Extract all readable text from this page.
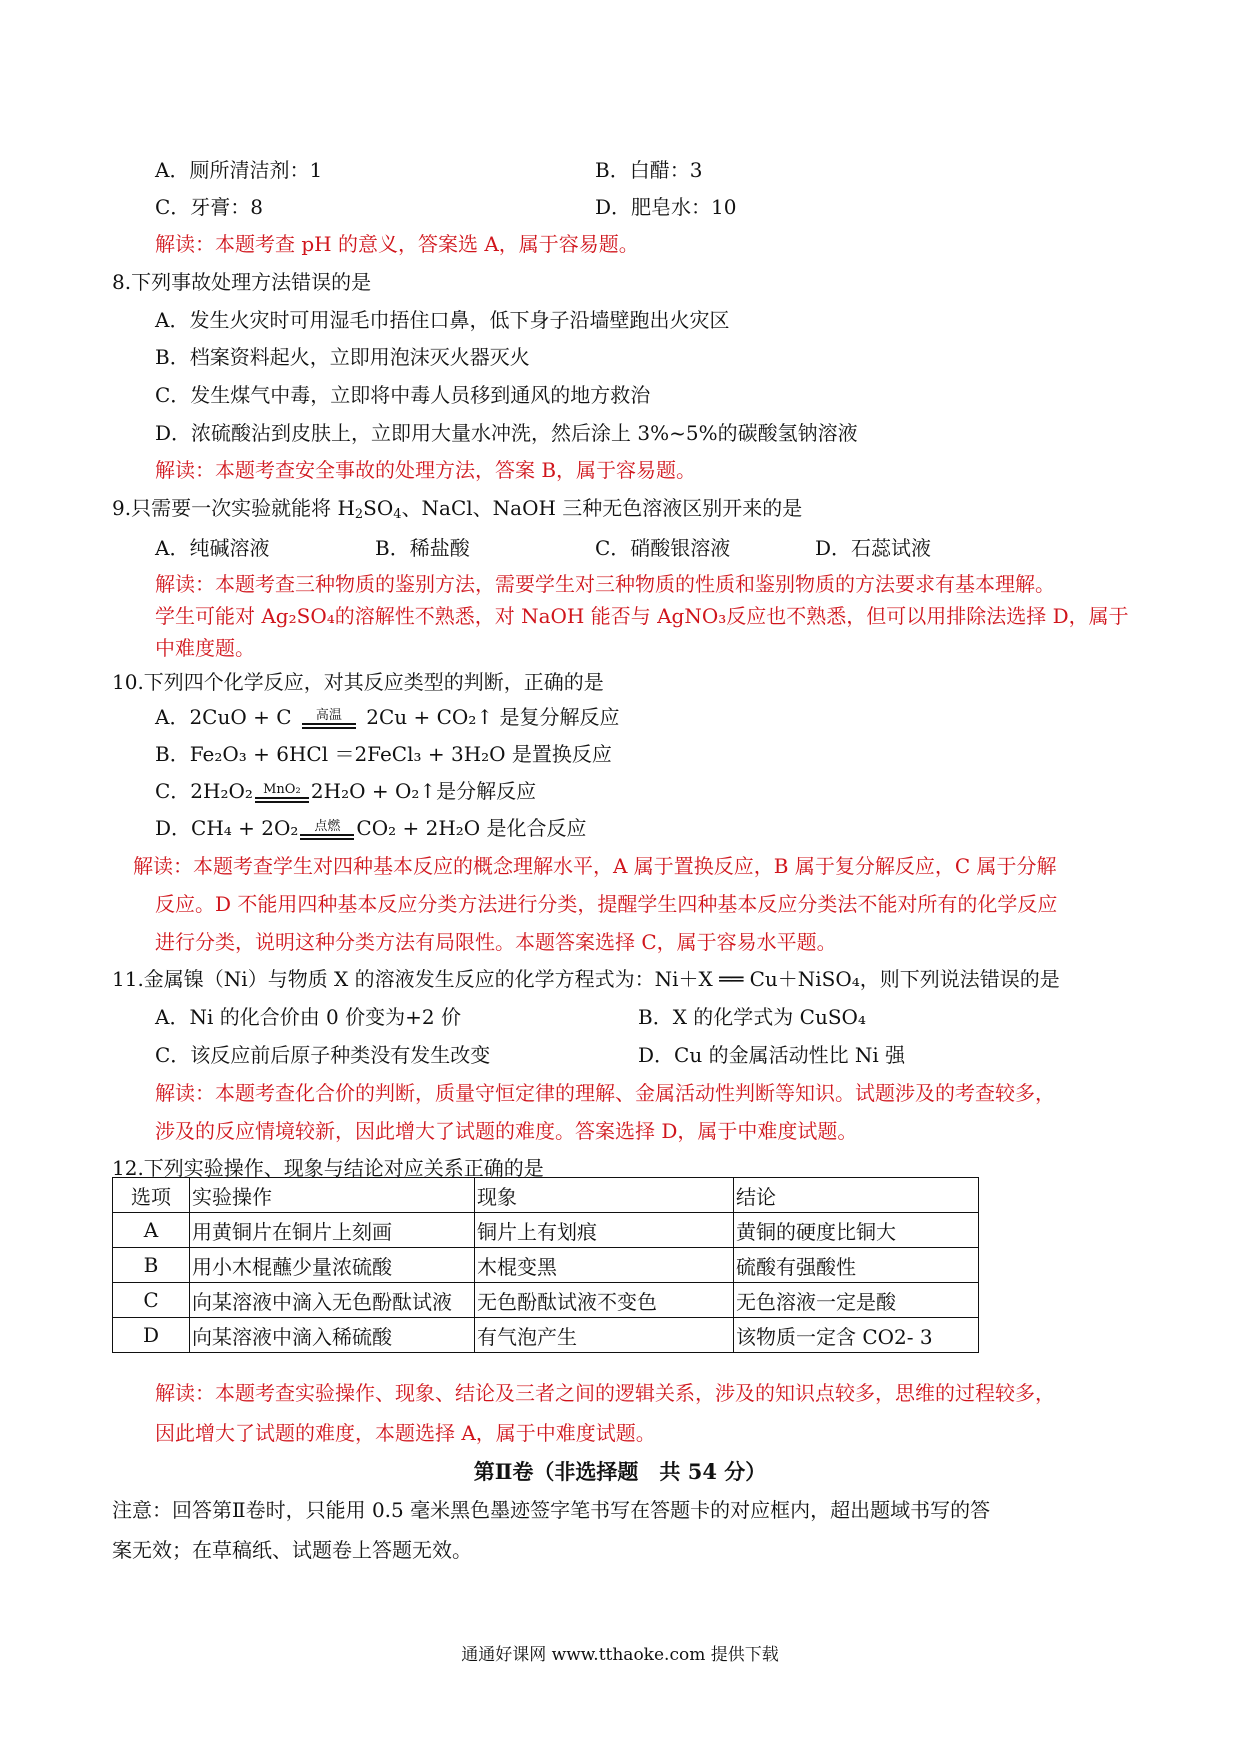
A．厕所清洁剂：1	B．白醋：3
C．牙膏：8	D．肥皂水：10
解读：本题考查 pH 的意义，答案选 A，属于容易题。
8.下列事故处理方法错误的是
A．发生火灾时可用湿毛巾捂住口鼻，低下身子沿墙壁跑出火灾区
B．档案资料起火，立即用泡沫灭火器灭火
C．发生煤气中毒，立即将中毒人员移到通风的地方救治
D．浓硫酸沾到皮肤上，立即用大量水冲洗，然后涂上 3%~5%的碳酸氢钠溶液
解读：本题考查安全事故的处理方法，答案 B，属于容易题。
9.只需要一次实验就能将 $H_2SO_4$、NaCl、NaOH 三种无色溶液区别开来的是
A．纯碱溶液	B．稀盐酸	C．硝酸银溶液	D．石蕊试液
解读：本题考查三种物质的鉴别方法，需要学生对三种物质的性质和鉴别物质的方法要求有基本理解。
学生可能对 Ag₂SO₄的溶解性不熟悉，对 NaOH 能否与 AgNO₃反应也不熟悉，但可以用排除法选择 D，属于
中难度题。
10.下列四个化学反应，对其反应类型的判断，正确的是
A．2CuO + C	高温	2Cu + CO₂↑ 是复分解反应
B．Fe₂O₃ + 6HCl ＝2FeCl₃ + 3H₂O 是置换反应
C．2H₂O₂ MnO₂ 2H₂O + O₂↑是分解反应
D．CH₄ + 2O₂	点燃 CO₂ + 2H₂O 是化合反应
解读：本题考查学生对四种基本反应的概念理解水平，A 属于置换反应，B 属于复分解反应，C 属于分解
反应。D 不能用四种基本反应分类方法进行分类，提醒学生四种基本反应分类法不能对所有的化学反应
进行分类，说明这种分类方法有局限性。本题答案选择 C，属于容易水平题。
11.金属镍（Ni）与物质 X 的溶液发生反应的化学方程式为：Ni＋X ══ Cu＋NiSO₄，则下列说法错误的是
A．Ni 的化合价由 0 价变为+2 价	B．X 的化学式为 CuSO₄
C．该反应前后原子种类没有发生改变	D．Cu 的金属活动性比 Ni 强
解读：本题考查化合价的判断，质量守恒定律的理解、金属活动性判断等知识。试题涉及的考查较多，
涉及的反应情境较新，因此增大了试题的难度。答案选择 D，属于中难度试题。
12.下列实验操作、现象与结论对应关系正确的是
选项	实验操作	现象	结论
A	用黄铜片在铜片上刻画	铜片上有划痕	黄铜的硬度比铜大
B	用小木棍蘸少量浓硫酸	木棍变黑	硫酸有强酸性
C	向某溶液中滴入无色酚酞试液	无色酚酞试液不变色	无色溶液一定是酸
D	向某溶液中滴入稀硫酸	有气泡产生	该物质一定含 CO2- 3
解读：本题考查实验操作、现象、结论及三者之间的逻辑关系，涉及的知识点较多，思维的过程较多，
因此增大了试题的难度，本题选择 A，属于中难度试题。
第Ⅱ卷（非选择题　共 54 分）
注意：回答第Ⅱ卷时，只能用 0.5 毫米黑色墨迹签字笔书写在答题卡的对应框内，超出题域书写的答
案无效；在草稿纸、试题卷上答题无效。
通通好课网 www.tthaoke.com 提供下载
